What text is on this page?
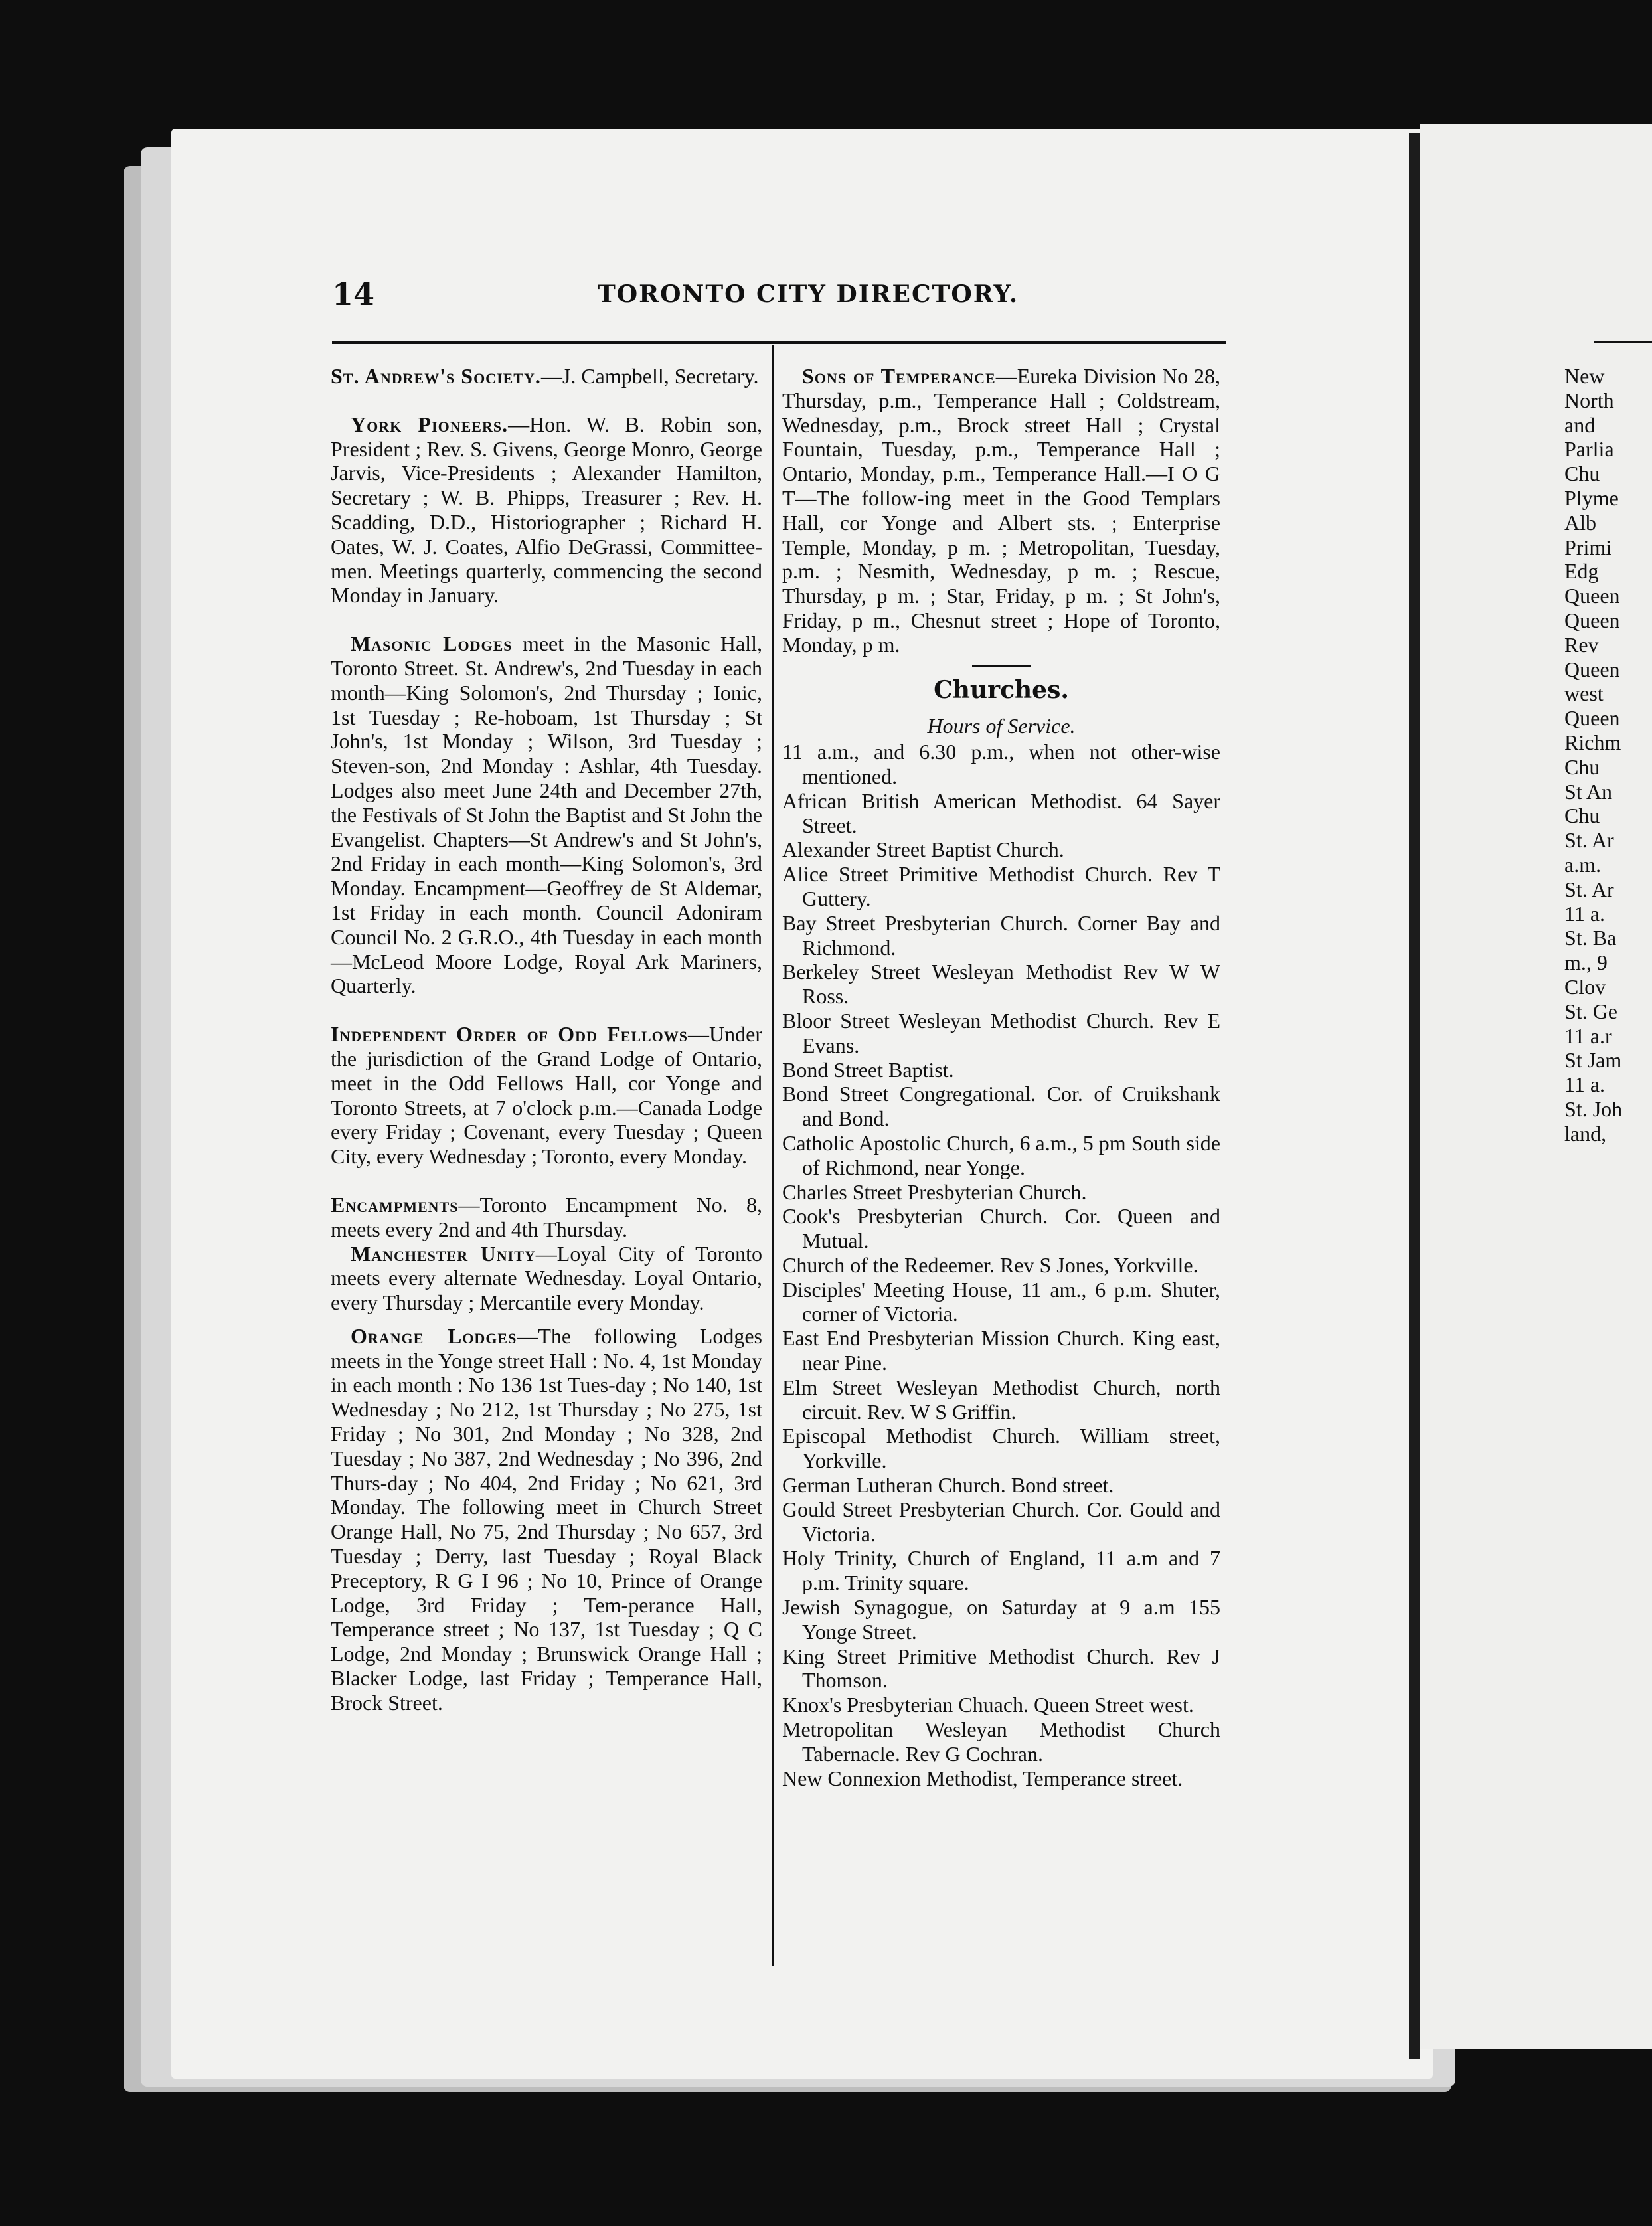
14	TORONTO CITY DIRECTORY.

St. Andrew's Society.—J. Campbell, Secretary.

York Pioneers.—Hon. W. B. Robin son, President ; Rev. S. Givens, George Monro, George Jarvis, Vice-Presidents ; Alexander Hamilton, Secretary ; W. B. Phipps, Treasurer ; Rev. H. Scadding, D.D., Historiographer ; Richard H. Oates, W. J. Coates, Alfio DeGrassi, Committee-men. Meetings quarterly, commencing the second Monday in January.

Masonic Lodges meet in the Masonic Hall, Toronto Street. St. Andrew's, 2nd Tuesday in each month—King Solomon's, 2nd Thursday ; Ionic, 1st Tuesday ; Re-hoboam, 1st Thursday ; St John's, 1st Monday ; Wilson, 3rd Tuesday ; Steven-son, 2nd Monday : Ashlar, 4th Tuesday. Lodges also meet June 24th and December 27th, the Festivals of St John the Baptist and St John the Evangelist. Chapters—St Andrew's and St John's, 2nd Friday in each month—King Solomon's, 3rd Monday. Encampment—Geoffrey de St Aldemar, 1st Friday in each month. Council Adoniram Council No. 2 G.R.O., 4th Tuesday in each month—McLeod Moore Lodge, Royal Ark Mariners, Quarterly.

Independent Order of Odd Fellows—Under the jurisdiction of the Grand Lodge of Ontario, meet in the Odd Fellows Hall, cor Yonge and Toronto Streets, at 7 o'clock p.m.—Canada Lodge every Friday ; Covenant, every Tuesday ; Queen City, every Wednesday ; Toronto, every Monday.

Encampments—Toronto Encampment No. 8, meets every 2nd and 4th Thursday.

Manchester Unity—Loyal City of Toronto meets every alternate Wednesday. Loyal Ontario, every Thursday ; Mercantile every Monday.

Orange Lodges—The following Lodges meets in the Yonge street Hall : No. 4, 1st Monday in each month : No 136 1st Tues-day ; No 140, 1st Wednesday ; No 212, 1st Thursday ; No 275, 1st Friday ; No 301, 2nd Monday ; No 328, 2nd Tuesday ; No 387, 2nd Wednesday ; No 396, 2nd Thurs-day ; No 404, 2nd Friday ; No 621, 3rd Monday. The following meet in Church Street Orange Hall, No 75, 2nd Thursday ; No 657, 3rd Tuesday ; Derry, last Tuesday ; Royal Black Preceptory, R G I 96 ; No 10, Prince of Orange Lodge, 3rd Friday ; Tem-perance Hall, Temperance street ; No 137, 1st Tuesday ; Q C Lodge, 2nd Monday ; Brunswick Orange Hall ; Blacker Lodge, last Friday ; Temperance Hall, Brock Street.

Sons of Temperance—Eureka Division No 28, Thursday, p.m., Temperance Hall ; Coldstream, Wednesday, p.m., Brock street Hall ; Crystal Fountain, Tuesday, p.m., Temperance Hall ; Ontario, Monday, p.m., Temperance Hall.—I O G T—The follow-ing meet in the Good Templars Hall, cor Yonge and Albert sts. ; Enterprise Temple, Monday, p m. ; Metropolitan, Tuesday, p.m. ; Nesmith, Wednesday, p m. ; Rescue, Thursday, p m. ; Star, Friday, p m. ; St John's, Friday, p m., Chesnut street ; Hope of Toronto, Monday, p m.

Churches.

Hours of Service.

11 a.m., and 6.30 p.m., when not other-wise mentioned.

African British American Methodist. 64 Sayer Street.

Alexander Street Baptist Church.

Alice Street Primitive Methodist Church. Rev T Guttery.

Bay Street Presbyterian Church. Corner Bay and Richmond.

Berkeley Street Wesleyan Methodist Rev W W Ross.

Bloor Street Wesleyan Methodist Church. Rev E Evans.

Bond Street Baptist.

Bond Street Congregational. Cor. of Cruikshank and Bond.

Catholic Apostolic Church, 6 a.m., 5 pm South side of Richmond, near Yonge.

Charles Street Presbyterian Church.

Cook's Presbyterian Church. Cor. Queen and Mutual.

Church of the Redeemer. Rev S Jones, Yorkville.

Disciples' Meeting House, 11 am., 6 p.m. Shuter, corner of Victoria.

East End Presbyterian Mission Church. King east, near Pine.

Elm Street Wesleyan Methodist Church, north circuit. Rev. W S Griffin.

Episcopal Methodist Church. William street, Yorkville.

German Lutheran Church. Bond street.

Gould Street Presbyterian Church. Cor. Gould and Victoria.

Holy Trinity, Church of England, 11 a.m and 7 p.m. Trinity square.

Jewish Synagogue, on Saturday at 9 a.m 155 Yonge Street.

King Street Primitive Methodist Church. Rev J Thomson.

Knox's Presbyterian Chuach. Queen Street west.

Metropolitan Wesleyan Methodist Church Tabernacle. Rev G Cochran.

New Connexion Methodist, Temperance street.

New
North
and
Parlia
Chu
Plyme
Alb
Primi
Edg
Queen
Queen
Rev
Queen
west
Queen
Richm
Chu
St An
Chu
St. Ar
a.m.
St. Ar
11 a.
St. Ba
m., 9
Clov
St. Ge
11 a.r
St Jam
11 a.
St. Joh
land,
